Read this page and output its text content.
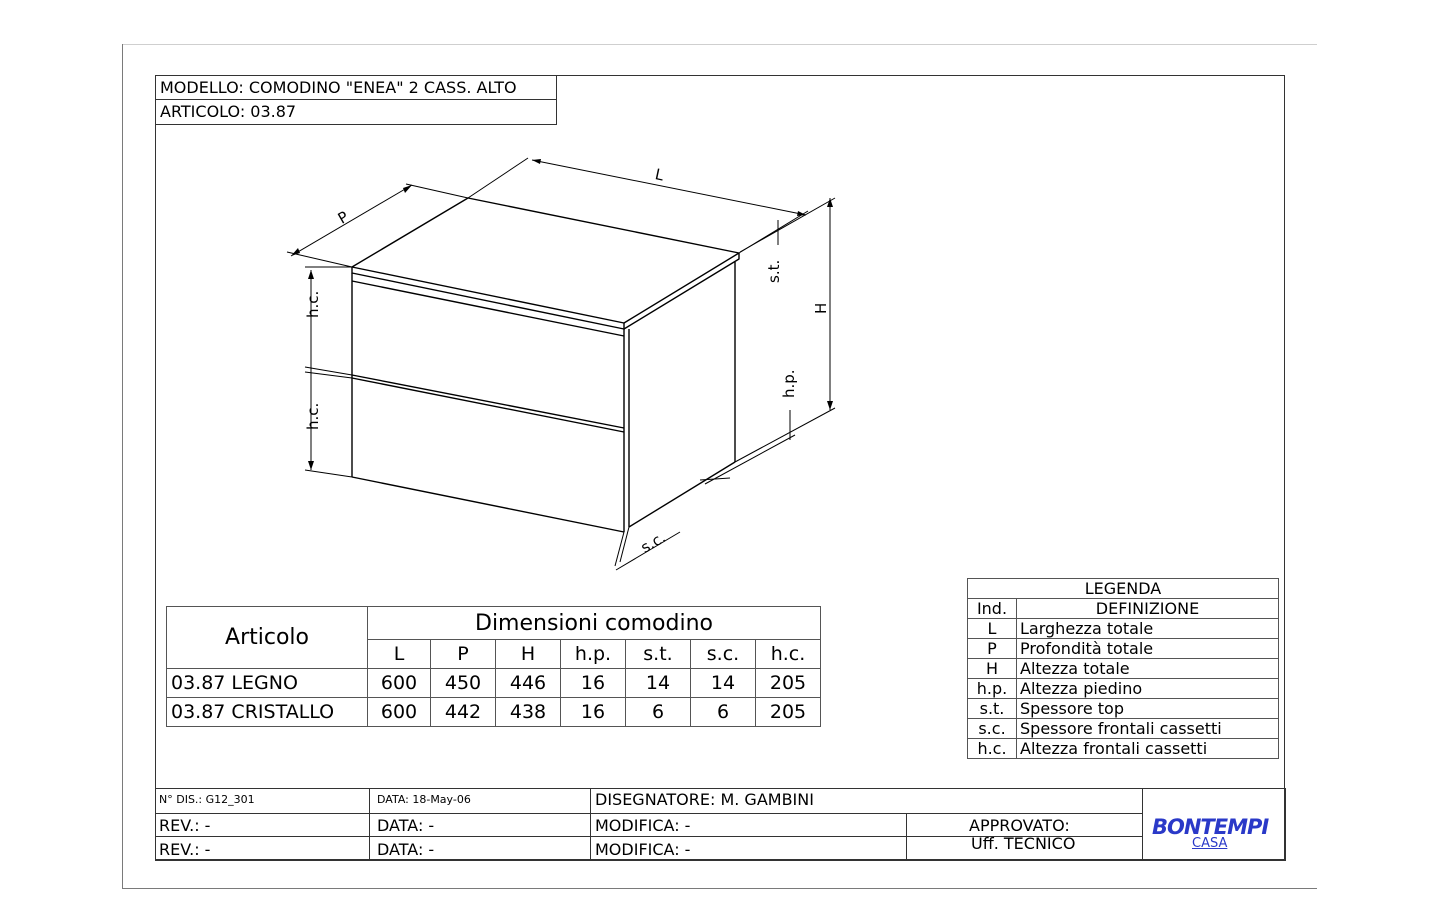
MODELLO: COMODINO "ENEA" 2 CASS. ALTO
ARTICOLO: 03.87
P
L
H
s.t.
h.p.
h.c.
h.c.
s.c.
Articolo	Dimensioni comodino						
	L	P	H	h.p.	s.t.	s.c.	h.c.
03.87 LEGNO	600	450	446	16	14	14	205
03.87 CRISTALLO	600	442	438	16	6	6	205
LEGENDA	
Ind.	DEFINIZIONE
L	Larghezza totale
P	Profondità totale
H	Altezza totale
h.p.	Altezza piedino
s.t.	Spessore top
s.c.	Spessore frontali cassetti
h.c.	Altezza frontali cassetti
N° DIS.: G12_301	DATA: 18-May-06	DISEGNATORE: M. GAMBINI
REV.: -	DATA: -	MODIFICA: -
REV.: -	DATA: -	MODIFICA: -
APPROVATO:
Uff. TECNICO
BONTEMPI
CASA
